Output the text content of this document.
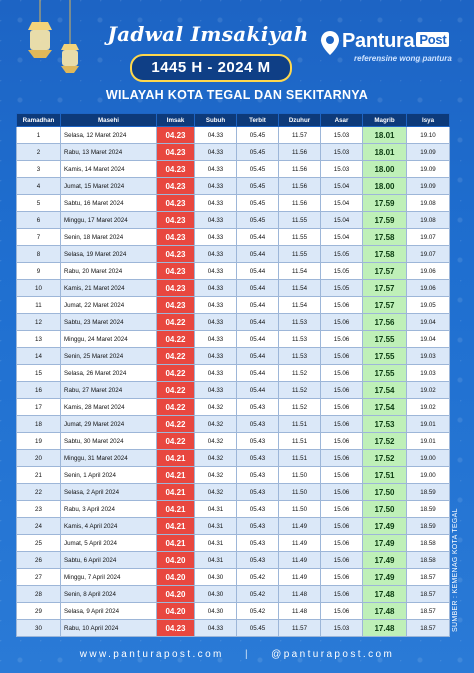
Jadwal Imsakiyah
1445 H - 2024 M
Pantura Post
referensine wong pantura
WILAYAH KOTA TEGAL DAN SEKITARNYA
Ramadhan	Masehi	Imsak	Subuh	Terbit	Dzuhur	Asar	Magrib	Isya
1	Selasa, 12 Maret 2024	04.23	04.33	05.45	11.57	15.03	18.01	19.10
2	Rabu, 13 Maret 2024	04.23	04.33	05.45	11.56	15.03	18.01	19.09
3	Kamis, 14 Maret 2024	04.23	04.33	05.45	11.56	15.03	18.00	19.09
4	Jumat, 15 Maret 2024	04.23	04.33	05.45	11.56	15.04	18.00	19.09
5	Sabtu, 16 Maret 2024	04.23	04.33	05.45	11.56	15.04	17.59	19.08
6	Minggu, 17 Maret 2024	04.23	04.33	05.45	11.55	15.04	17.59	19.08
7	Senin, 18 Maret 2024	04.23	04.33	05.44	11.55	15.04	17.58	19.07
8	Selasa, 19 Maret 2024	04.23	04.33	05.44	11.55	15.05	17.58	19.07
9	Rabu, 20 Maret 2024	04.23	04.33	05.44	11.54	15.05	17.57	19.06
10	Kamis, 21 Maret 2024	04.23	04.33	05.44	11.54	15.05	17.57	19.06
11	Jumat, 22 Maret 2024	04.23	04.33	05.44	11.54	15.06	17.57	19.05
12	Sabtu, 23 Maret 2024	04.22	04.33	05.44	11.53	15.06	17.56	19.04
13	Minggu, 24 Maret 2024	04.22	04.33	05.44	11.53	15.06	17.55	19.04
14	Senin, 25 Maret 2024	04.22	04.33	05.44	11.53	15.06	17.55	19.03
15	Selasa, 26 Maret 2024	04.22	04.33	05.44	11.52	15.06	17.55	19.03
16	Rabu, 27 Maret 2024	04.22	04.33	05.44	11.52	15.06	17.54	19.02
17	Kamis, 28 Maret 2024	04.22	04.32	05.43	11.52	15.06	17.54	19.02
18	Jumat, 29 Maret 2024	04.22	04.32	05.43	11.51	15.06	17.53	19.01
19	Sabtu, 30 Maret 2024	04.22	04.32	05.43	11.51	15.06	17.52	19.01
20	Minggu, 31 Maret 2024	04.21	04.32	05.43	11.51	15.06	17.52	19.00
21	Senin, 1 April 2024	04.21	04.32	05.43	11.50	15.06	17.51	19.00
22	Selasa, 2 April 2024	04.21	04.32	05.43	11.50	15.06	17.50	18.59
23	Rabu, 3 April 2024	04.21	04.31	05.43	11.50	15.06	17.50	18.59
24	Kamis, 4 April 2024	04.21	04.31	05.43	11.49	15.06	17.49	18.59
25	Jumat, 5 April 2024	04.21	04.31	05.43	11.49	15.06	17.49	18.58
26	Sabtu, 6 April 2024	04.20	04.31	05.43	11.49	15.06	17.49	18.58
27	Minggu, 7 April 2024	04.20	04.30	05.42	11.49	15.06	17.49	18.57
28	Senin, 8 April 2024	04.20	04.30	05.42	11.48	15.06	17.48	18.57
29	Selasa, 9 April 2024	04.20	04.30	05.42	11.48	15.06	17.48	18.57
30	Rabu, 10 April 2024	04.23	04.33	05.45	11.57	15.03	17.48	18.57 SUMBER : KEMENAG KOTA TEGAL
www.panturapost.com | @panturapost.com
